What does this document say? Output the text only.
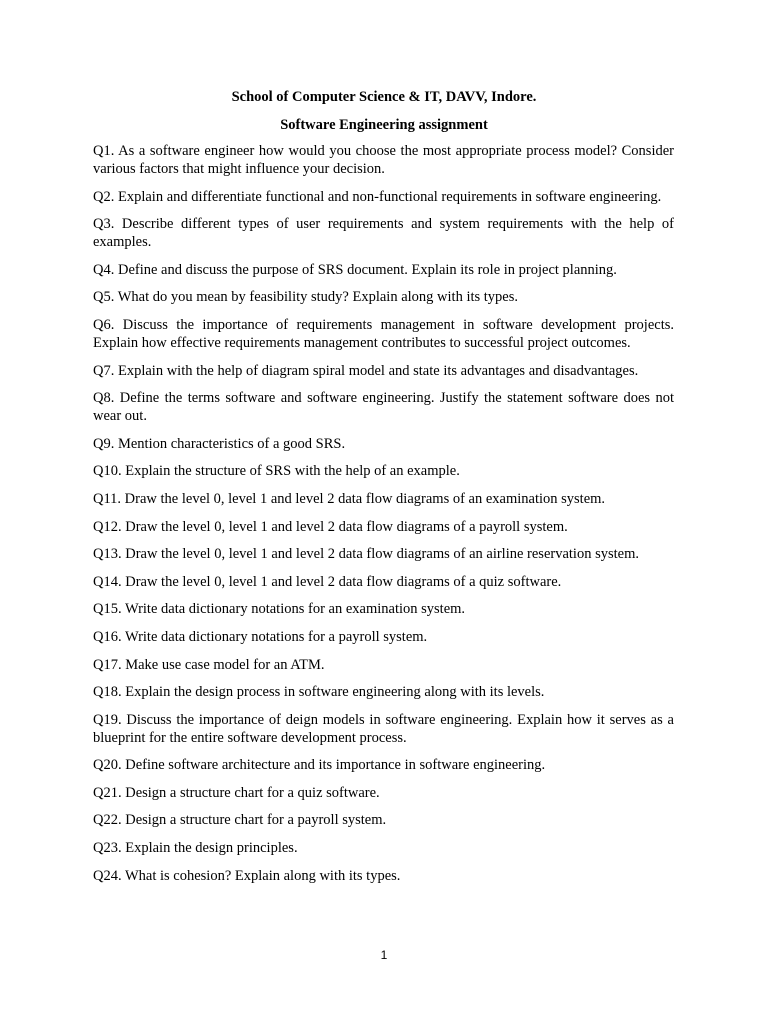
School of Computer Science & IT, DAVV, Indore.
Software Engineering assignment
Q1. As a software engineer how would you choose the most appropriate process model? Consider various factors that might influence your decision.
Q2. Explain and differentiate functional and non-functional requirements in software engineering.
Q3. Describe different types of user requirements and system requirements with the help of examples.
Q4. Define and discuss the purpose of SRS document. Explain its role in project planning.
Q5. What do you mean by feasibility study? Explain along with its types.
Q6. Discuss the importance of requirements management in software development projects. Explain how effective requirements management contributes to successful project outcomes.
Q7. Explain with the help of diagram spiral model and state its advantages and disadvantages.
Q8. Define the terms software and software engineering. Justify the statement software does not wear out.
Q9. Mention characteristics of a good SRS.
Q10. Explain the structure of SRS with the help of an example.
Q11. Draw the level 0, level 1 and level 2 data flow diagrams of an examination system.
Q12. Draw the level 0, level 1 and level 2 data flow diagrams of a payroll system.
Q13. Draw the level 0, level 1 and level 2 data flow diagrams of an airline reservation system.
Q14. Draw the level 0, level 1 and level 2 data flow diagrams of a quiz software.
Q15. Write data dictionary notations for an examination system.
Q16. Write data dictionary notations for a payroll system.
Q17. Make use case model for an ATM.
Q18. Explain the design process in software engineering along with its levels.
Q19. Discuss the importance of deign models in software engineering. Explain how it serves as a blueprint for the entire software development process.
Q20. Define software architecture and its importance in software engineering.
Q21. Design a structure chart for a quiz software.
Q22. Design a structure chart for a payroll system.
Q23. Explain the design principles.
Q24. What is cohesion? Explain along with its types.
1
